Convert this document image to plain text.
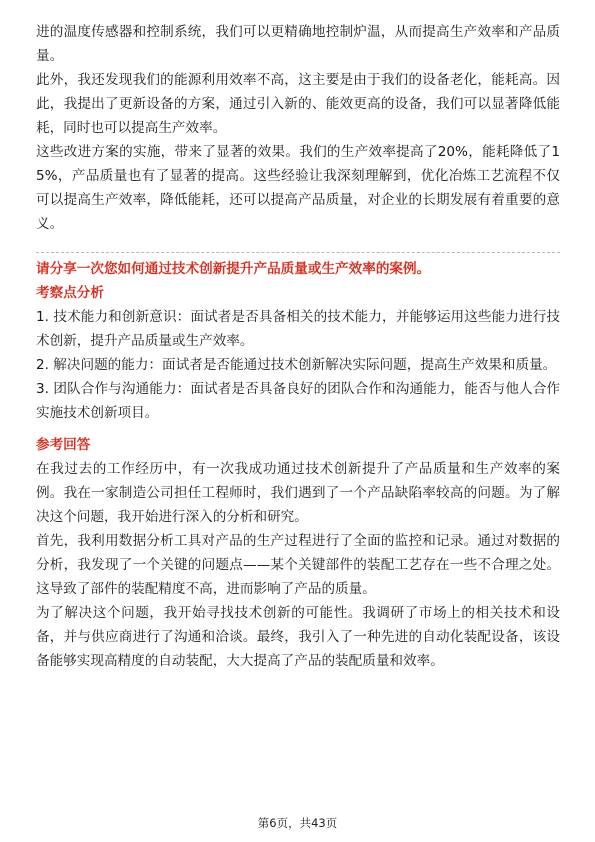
进的温度传感器和控制系统，我们可以更精确地控制炉温，从而提高生产效率和产品质量。

此外，我还发现我们的能源利用效率不高，这主要是由于我们的设备老化，能耗高。因此，我提出了更新设备的方案，通过引入新的、能效更高的设备，我们可以显著降低能耗，同时也可以提高生产效率。

这些改进方案的实施，带来了显著的效果。我们的生产效率提高了20%，能耗降低了15%，产品质量也有了显著的提高。这些经验让我深刻理解到，优化冶炼工艺流程不仅可以提高生产效率，降低能耗，还可以提高产品质量，对企业的长期发展有着重要的意义。

请分享一次您如何通过技术创新提升产品质量或生产效率的案例。

考察点分析

1. 技术能力和创新意识：面试者是否具备相关的技术能力，并能够运用这些能力进行技术创新，提升产品质量或生产效率。

2. 解决问题的能力：面试者是否能通过技术创新解决实际问题，提高生产效果和质量。

3. 团队合作与沟通能力：面试者是否具备良好的团队合作和沟通能力，能否与他人合作实施技术创新项目。

参考回答

在我过去的工作经历中，有一次我成功通过技术创新提升了产品质量和生产效率的案例。我在一家制造公司担任工程师时，我们遇到了一个产品缺陷率较高的问题。为了解决这个问题，我开始进行深入的分析和研究。

首先，我利用数据分析工具对产品的生产过程进行了全面的监控和记录。通过对数据的分析，我发现了一个关键的问题点——某个关键部件的装配工艺存在一些不合理之处。这导致了部件的装配精度不高，进而影响了产品的质量。

为了解决这个问题，我开始寻找技术创新的可能性。我调研了市场上的相关技术和设备，并与供应商进行了沟通和洽谈。最终，我引入了一种先进的自动化装配设备，该设备能够实现高精度的自动装配，大大提高了产品的装配质量和效率。

第6页，共43页
